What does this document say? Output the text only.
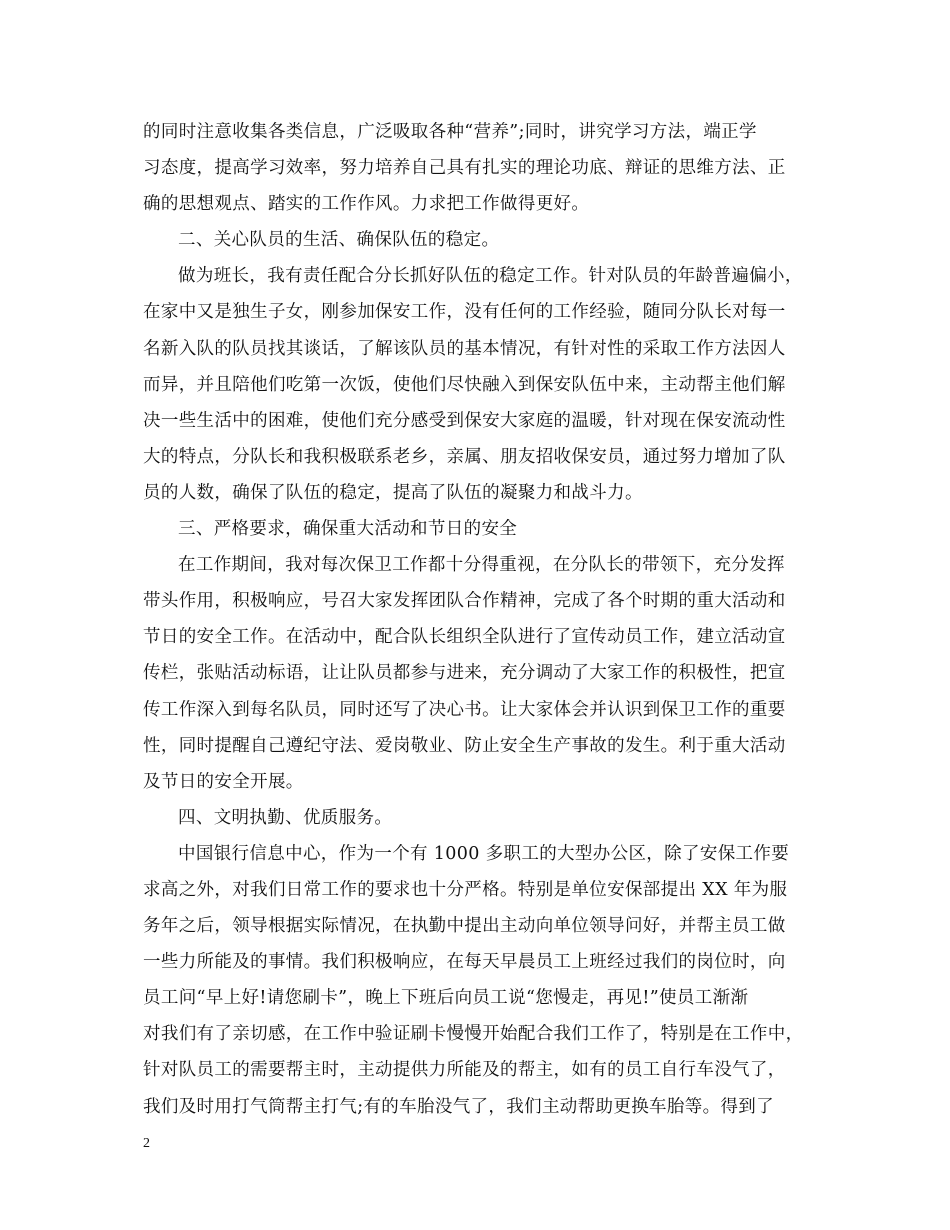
的同时注意收集各类信息，广泛吸取各种“营养”;同时，讲究学习方法，端正学
习态度，提高学习效率，努力培养自己具有扎实的理论功底、辩证的思维方法、正
确的思想观点、踏实的工作作风。力求把工作做得更好。
二、关心队员的生活、确保队伍的稳定。
做为班长，我有责任配合分长抓好队伍的稳定工作。针对队员的年龄普遍偏小，
在家中又是独生子女，刚参加保安工作，没有任何的工作经验，随同分队长对每一
名新入队的队员找其谈话，了解该队员的基本情况，有针对性的采取工作方法因人
而异，并且陪他们吃第一次饭，使他们尽快融入到保安队伍中来，主动帮主他们解
决一些生活中的困难，使他们充分感受到保安大家庭的温暖，针对现在保安流动性
大的特点，分队长和我积极联系老乡，亲属、朋友招收保安员，通过努力增加了队
员的人数，确保了队伍的稳定，提高了队伍的凝聚力和战斗力。
三、严格要求，确保重大活动和节日的安全
在工作期间，我对每次保卫工作都十分得重视，在分队长的带领下，充分发挥
带头作用，积极响应，号召大家发挥团队合作精神，完成了各个时期的重大活动和
节日的安全工作。在活动中，配合队长组织全队进行了宣传动员工作，建立活动宣
传栏，张贴活动标语，让让队员都参与进来，充分调动了大家工作的积极性，把宣
传工作深入到每名队员，同时还写了决心书。让大家体会并认识到保卫工作的重要
性，同时提醒自己遵纪守法、爱岗敬业、防止安全生产事故的发生。利于重大活动
及节日的安全开展。
四、文明执勤、优质服务。
中国银行信息中心，作为一个有 1000 多职工的大型办公区，除了安保工作要
求高之外，对我们日常工作的要求也十分严格。特别是单位安保部提出 XX 年为服
务年之后，领导根据实际情况，在执勤中提出主动向单位领导问好，并帮主员工做
一些力所能及的事情。我们积极响应，在每天早晨员工上班经过我们的岗位时，向
员工问“早上好!请您刷卡”，晚上下班后向员工说“您慢走，再见!”使员工渐渐
对我们有了亲切感，在工作中验证刷卡慢慢开始配合我们工作了，特别是在工作中，
针对队员工的需要帮主时，主动提供力所能及的帮主，如有的员工自行车没气了，
我们及时用打气筒帮主打气;有的车胎没气了，我们主动帮助更换车胎等。得到了
2
